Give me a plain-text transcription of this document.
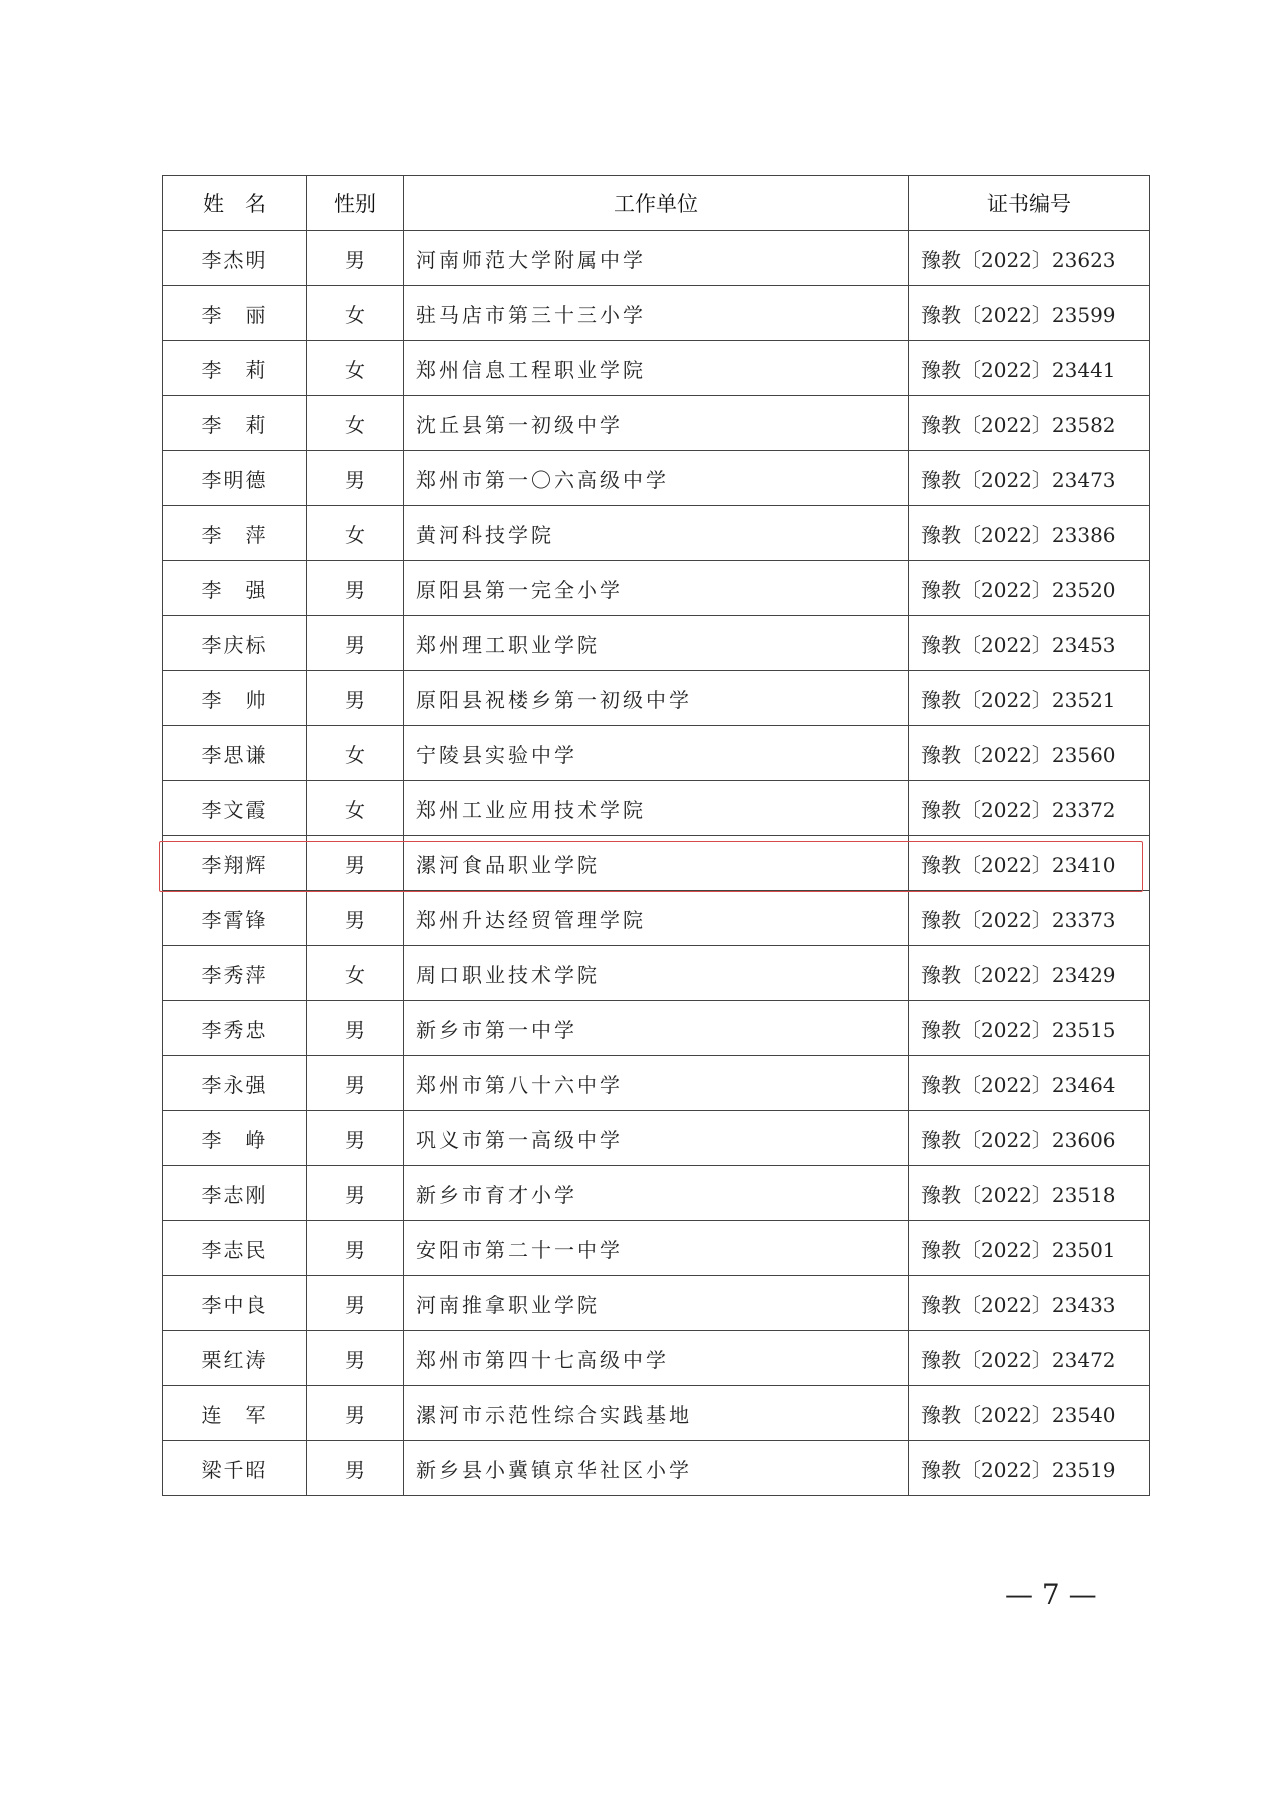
姓　名	性别	工作单位	证书编号
李杰明	男	河南师范大学附属中学	豫教〔2022〕23623
李　丽	女	驻马店市第三十三小学	豫教〔2022〕23599
李　莉	女	郑州信息工程职业学院	豫教〔2022〕23441
李　莉	女	沈丘县第一初级中学	豫教〔2022〕23582
李明德	男	郑州市第一〇六高级中学	豫教〔2022〕23473
李　萍	女	黄河科技学院	豫教〔2022〕23386
李　强	男	原阳县第一完全小学	豫教〔2022〕23520
李庆标	男	郑州理工职业学院	豫教〔2022〕23453
李　帅	男	原阳县祝楼乡第一初级中学	豫教〔2022〕23521
李思谦	女	宁陵县实验中学	豫教〔2022〕23560
李文霞	女	郑州工业应用技术学院	豫教〔2022〕23372
李翔辉	男	漯河食品职业学院	豫教〔2022〕23410
李霄锋	男	郑州升达经贸管理学院	豫教〔2022〕23373
李秀萍	女	周口职业技术学院	豫教〔2022〕23429
李秀忠	男	新乡市第一中学	豫教〔2022〕23515
李永强	男	郑州市第八十六中学	豫教〔2022〕23464
李　峥	男	巩义市第一高级中学	豫教〔2022〕23606
李志刚	男	新乡市育才小学	豫教〔2022〕23518
李志民	男	安阳市第二十一中学	豫教〔2022〕23501
李中良	男	河南推拿职业学院	豫教〔2022〕23433
栗红涛	男	郑州市第四十七高级中学	豫教〔2022〕23472
连　军	男	漯河市示范性综合实践基地	豫教〔2022〕23540
梁千昭	男	新乡县小冀镇京华社区小学	豫教〔2022〕23519
— 7 —
